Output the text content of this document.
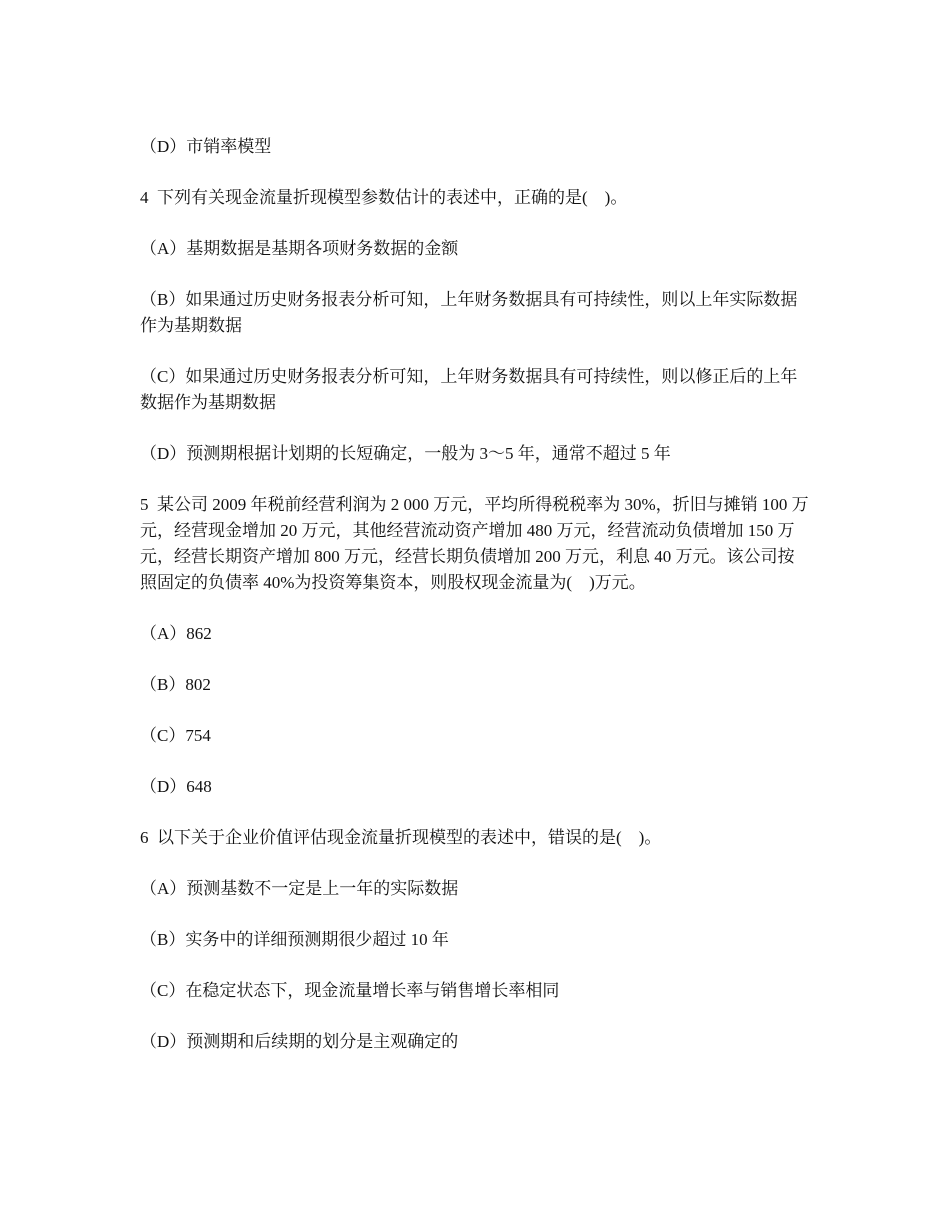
（D）市销率模型

4  下列有关现金流量折现模型参数估计的表述中，正确的是(    )。

（A）基期数据是基期各项财务数据的金额

（B）如果通过历史财务报表分析可知，上年财务数据具有可持续性，则以上年实际数据作为基期数据

（C）如果通过历史财务报表分析可知，上年财务数据具有可持续性，则以修正后的上年数据作为基期数据

（D）预测期根据计划期的长短确定，一般为 3～5 年，通常不超过 5 年

5  某公司 2009 年税前经营利润为 2 000 万元，平均所得税税率为 30%，折旧与摊销 100 万元，经营现金增加 20 万元，其他经营流动资产增加 480 万元，经营流动负债增加 150 万元，经营长期资产增加 800 万元，经营长期负债增加 200 万元，利息 40 万元。该公司按照固定的负债率 40%为投资筹集资本，则股权现金流量为(    )万元。

（A）862

（B）802

（C）754

（D）648

6  以下关于企业价值评估现金流量折现模型的表述中，错误的是(    )。

（A）预测基数不一定是上一年的实际数据

（B）实务中的详细预测期很少超过 10 年

（C）在稳定状态下，现金流量增长率与销售增长率相同

（D）预测期和后续期的划分是主观确定的
